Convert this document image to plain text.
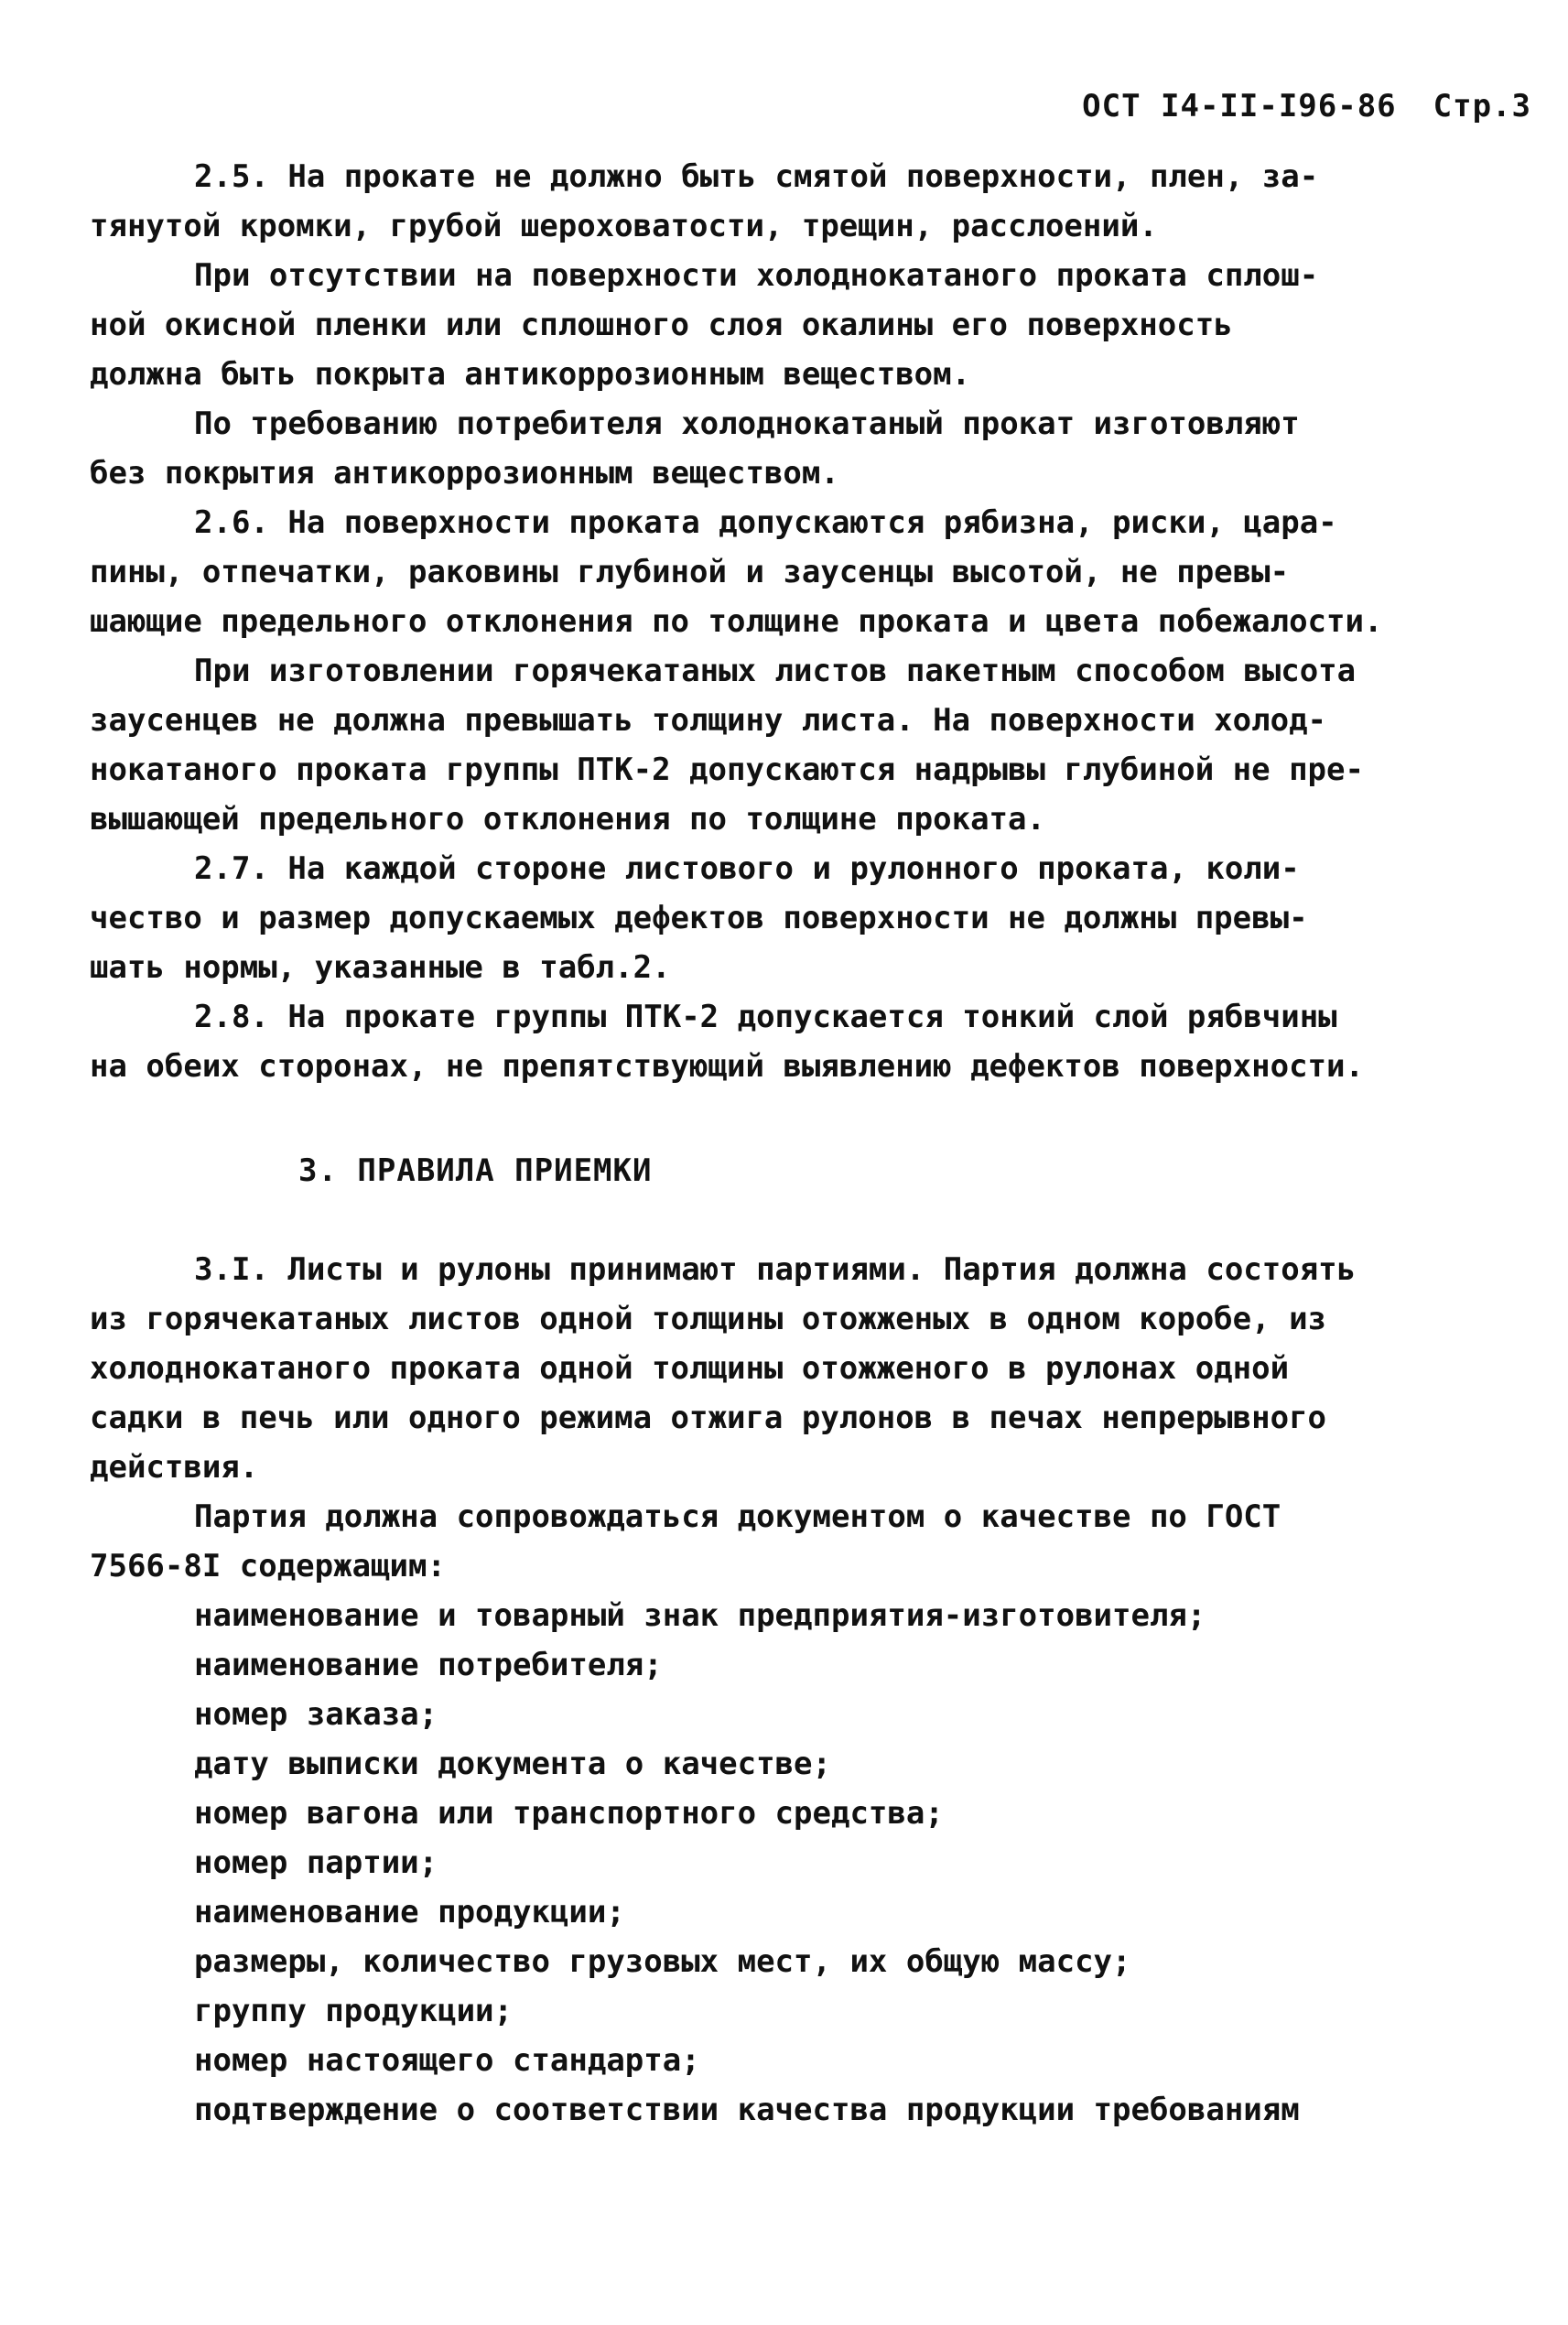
ОСТ I4-II-I96-86 Стр.3
2.5. На прокате не должно быть смятой поверхности, плен, за-
тянутой кромки, грубой шероховатости, трещин, расслоений.
При отсутствии на поверхности холоднокатаного проката сплош-
ной окисной пленки или сплошного слоя окалины его поверхность
должна быть покрыта антикоррозионным веществом.
По требованию потребителя холоднокатаный прокат изготовляют
без покрытия антикоррозионным веществом.
2.6. На поверхности проката допускаются рябизна, риски, цара-
пины, отпечатки, раковины глубиной и заусенцы высотой, не превы-
шающие предельного отклонения по толщине проката и цвета побежалости.
При изготовлении горячекатаных листов пакетным способом высота
заусенцев не должна превышать толщину листа. На поверхности холод-
нокатаного проката группы ПТК-2 допускаются надрывы глубиной не пре-
вышающей предельного отклонения по толщине проката.
2.7. На каждой стороне листового и рулонного проката, коли-
чество и размер допускаемых дефектов поверхности не должны превы-
шать нормы, указанные в табл.2.
2.8. На прокате группы ПТК-2 допускается тонкий слой рябвчины
на обеих сторонах, не препятствующий выявлению дефектов поверхности.
3. ПРАВИЛА ПРИЕМКИ
3.I. Листы и рулоны принимают партиями. Партия должна состоять
из горячекатаных листов одной толщины отожженых в одном коробе, из
холоднокатаного проката одной толщины отожженого в рулонах одной
садки в печь или одного режима отжига рулонов в печах непрерывного
действия.
Партия должна сопровождаться документом о качестве по ГОСТ
7566-8I содержащим:
наименование и товарный знак предприятия-изготовителя;
наименование потребителя;
номер заказа;
дату выписки документа о качестве;
номер вагона или транспортного средства;
номер партии;
наименование продукции;
размеры, количество грузовых мест, их общую массу;
группу продукции;
номер настоящего стандарта;
подтверждение о соответствии качества продукции требованиям
